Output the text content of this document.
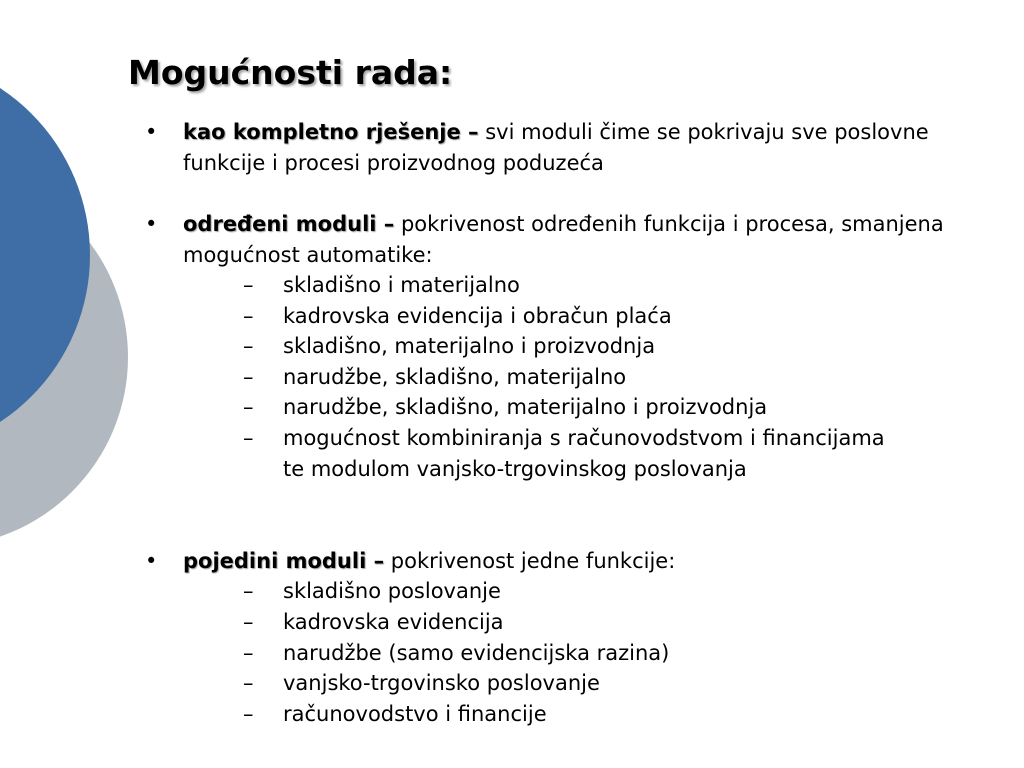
Mogućnosti rada:
• kao kompletno rješenje – svi moduli čime se pokrivaju sve poslovne funkcije i procesi proizvodnog poduzeća
• određeni moduli – pokrivenost određenih funkcija i procesa, smanjena mogućnost automatike:
– skladišno i materijalno
– kadrovska evidencija i obračun plaća
– skladišno, materijalno i proizvodnja
– narudžbe, skladišno, materijalno
– narudžbe, skladišno, materijalno i proizvodnja
– mogućnost kombiniranja s računovodstvom i financijama te modulom vanjsko-trgovinskog poslovanja
• pojedini moduli – pokrivenost jedne funkcije:
– skladišno poslovanje
– kadrovska evidencija
– narudžbe (samo evidencijska razina)
– vanjsko-trgovinsko poslovanje
– računovodstvo i financije
